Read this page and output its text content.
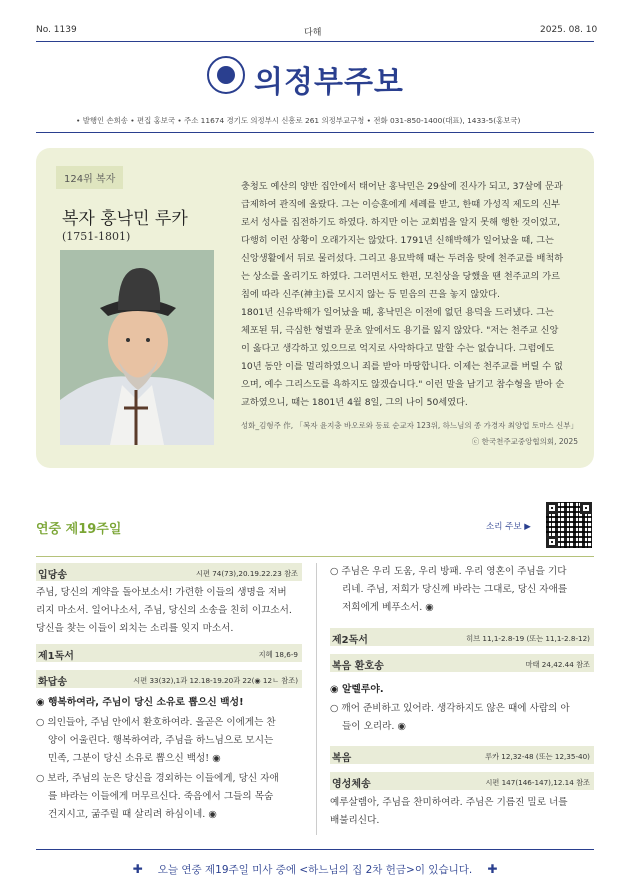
No. 1139	다해	2025. 08. 10
의정부주보
• 발행인 손희송 • 편집 홍보국 • 주소 11674 경기도 의정부시 신흥로 261 의정부교구청 • 전화 031-850-1400(대표), 1433-5(홍보국)
124위 복자
복자 홍낙민 루카
(1751-1801)
충청도 예산의 양반 집안에서 태어난 홍낙민은 29살에 진사가 되고, 37살에 문과
급제하여 관직에 올랐다. 그는 이승훈에게 세례를 받고, 한때 가성직 제도의 신부
로서 성사를 집전하기도 하였다. 하지만 이는 교회법을 알지 못해 행한 것이었고,
다행히 이런 상황이 오래가지는 않았다. 1791년 신해박해가 일어났을 때, 그는
신앙생활에서 뒤로 물러섰다. 그리고 용묘박해 때는 두려움 탓에 천주교를 배척하
는 상소를 올리기도 하였다. 그러면서도 한편, 모친상을 당했을 땐 천주교의 가르
침에 따라 신주(神主)를 모시지 않는 등 믿음의 끈을 놓지 않았다.
1801년 신유박해가 일어났을 때, 홍낙민은 이전에 없던 용덕을 드러냈다. 그는
체포된 뒤, 극심한 형벌과 문초 앞에서도 용기를 잃지 않았다. "저는 천주교 신앙
이 옳다고 생각하고 있으므로 억지로 사악하다고 말할 수는 없습니다. 그럼에도
10년 동안 이를 멀리하였으니 죄를 받아 마땅합니다. 이제는 천주교를 버릴 수 없
으며, 예수 그리스도를 욕하지도 않겠습니다." 이런 말을 남기고 참수형을 받아 순
교하였으니, 때는 1801년 4월 8일, 그의 나이 50세였다.
성화_김형주 作, 「복자 윤지충 바오로와 동료 순교자 123위, 하느님의 종 가경자 최양업 토마스 신부」
ⓒ 한국천주교중앙협의회, 2025
연중 제19주일	소리 주보 ▶
입당송	시편 74(73),20.19.22.23 참조
주님, 당신의 계약을 돌아보소서! 가련한 이들의 생명을 저버
리지 마소서. 일어나소서, 주님, 당신의 소송을 친히 이끄소서.
당신을 찾는 이들이 외치는 소리를 잊지 마소서.
제1독서	지혜 18,6-9
화답송	시편 33(32),1과 12.18-19.20과 22(◉ 12ㄴ 참조)
◉ 행복하여라, 주님이 당신 소유로 뽑으신 백성!
○ 의인들아, 주님 안에서 환호하여라. 올곧은 이에게는 찬
양이 어울린다. 행복하여라, 주님을 하느님으로 모시는
민족, 그분이 당신 소유로 뽑으신 백성! ◉
○ 보라, 주님의 눈은 당신을 경외하는 이들에게, 당신 자애
를 바라는 이들에게 머무르신다. 죽음에서 그들의 목숨
건지시고, 굶주릴 때 살리려 하심이네. ◉
○ 주님은 우리 도움, 우리 방패. 우리 영혼이 주님을 기다
리네. 주님, 저희가 당신께 바라는 그대로, 당신 자애를
저희에게 베푸소서. ◉
제2독서	히브 11,1-2.8-19 (또는 11,1-2.8-12)
복음 환호송	마태 24,42.44 참조
◉ 알렐루야.
○ 깨어 준비하고 있어라. 생각하지도 않은 때에 사람의 아
들이 오리라. ◉
복음	루카 12,32-48 (또는 12,35-40)
영성체송	시편 147(146-147),12.14 참조
예루살렘아, 주님을 찬미하여라. 주님은 기름진 밀로 너를
배불리신다.
✚ 오늘 연중 제19주일 미사 중에 <하느님의 집 2차 헌금>이 있습니다. ✚
